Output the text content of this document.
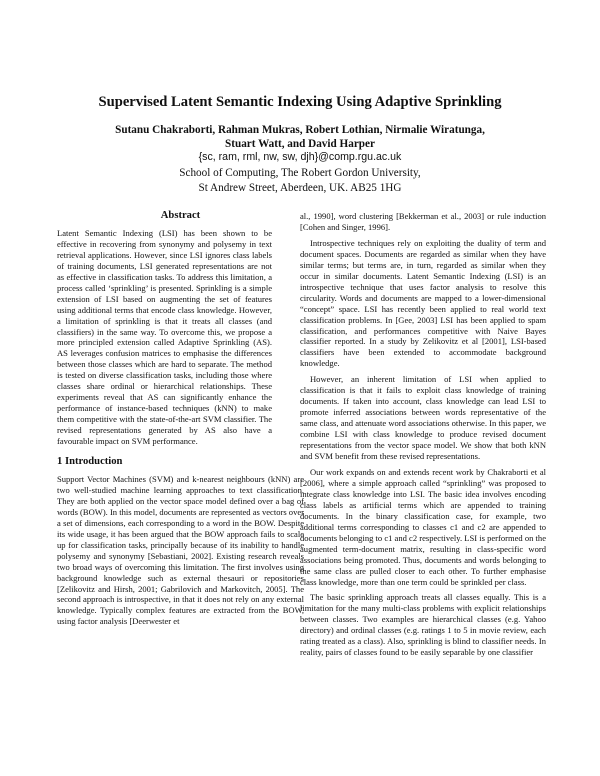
Supervised Latent Semantic Indexing Using Adaptive Sprinkling
Sutanu Chakraborti, Rahman Mukras, Robert Lothian, Nirmalie Wiratunga,
Stuart Watt, and David Harper
{sc, ram, rml, nw, sw, djh}@comp.rgu.ac.uk
School of Computing, The Robert Gordon University,
St Andrew Street, Aberdeen, UK. AB25 1HG
Abstract

Latent Semantic Indexing (LSI) has been shown to be effective in recovering from synonymy and polysemy in text retrieval applications. However, since LSI ignores class labels of training documents, LSI generated representations are not as effective in classification tasks. To address this limitation, a process called ‘sprinkling’ is presented. Sprinkling is a simple extension of LSI based on augmenting the set of features using additional terms that encode class knowledge. However, a limitation of sprinkling is that it treats all classes (and classifiers) in the same way. To overcome this, we propose a more principled extension called Adaptive Sprinkling (AS). AS leverages confusion matrices to emphasise the differences between those classes which are hard to separate. The method is tested on diverse classification tasks, including those where classes share ordinal or hierarchical relationships. These experiments reveal that AS can significantly enhance the performance of instance-based techniques (kNN) to make them competitive with the state-of-the-art SVM classifier. The revised representations generated by AS also have a favourable impact on SVM performance.

1 Introduction

Support Vector Machines (SVM) and k-nearest neighbours (kNN) are two well-studied machine learning approaches to text classification. They are both applied on the vector space model defined over a bag of words (BOW). In this model, documents are represented as vectors over a set of dimensions, each corresponding to a word in the BOW. Despite its wide usage, it has been argued that the BOW approach fails to scale up for classification tasks, principally because of its inability to handle polysemy and synonymy [Sebastiani, 2002]. Existing research reveals two broad ways of overcoming this limitation. The first involves using background knowledge such as external thesauri or repositories [Zelikovitz and Hirsh, 2001; Gabrilovich and Markovitch, 2005]. The second approach is introspective, in that it does not rely on any external knowledge. Typically complex features are extracted from the BOW, using factor analysis [Deerwester et

al., 1990], word clustering [Bekkerman et al., 2003] or rule induction [Cohen and Singer, 1996].

Introspective techniques rely on exploiting the duality of term and document spaces. Documents are regarded as similar when they have similar terms; but terms are, in turn, regarded as similar when they occur in similar documents. Latent Semantic Indexing (LSI) is an introspective technique that uses factor analysis to resolve this circularity. Words and documents are mapped to a lower-dimensional “concept” space. LSI has recently been applied to real world text classification problems. In [Gee, 2003] LSI has been applied to spam classification, and performances competitive with Naive Bayes classifier reported. In a study by Zelikovitz et al [2001], LSI-based classifiers have been extended to accommodate background knowledge.

However, an inherent limitation of LSI when applied to classification is that it fails to exploit class knowledge of training documents. If taken into account, class knowledge can lead LSI to promote inferred associations between words representative of the same class, and attenuate word associations otherwise. In this paper, we combine LSI with class knowledge to produce revised document representations from the vector space model. We show that both kNN and SVM benefit from these revised representations.

Our work expands on and extends recent work by Chakraborti et al [2006], where a simple approach called “sprinkling” was proposed to integrate class knowledge into LSI. The basic idea involves encoding class labels as artificial terms which are appended to training documents. In the binary classification case, for example, two additional terms corresponding to classes c1 and c2 are appended to documents belonging to c1 and c2 respectively. LSI is performed on the augmented term-document matrix, resulting in class-specific word associations being promoted. Thus, documents and words belonging to the same class are pulled closer to each other. To further emphasise class knowledge, more than one term could be sprinkled per class.

The basic sprinkling approach treats all classes equally. This is a limitation for the many multi-class problems with explicit relationships between classes. Two examples are hierarchical classes (e.g. Yahoo directory) and ordinal classes (e.g. ratings 1 to 5 in movie review, each rating treated as a class). Also, sprinkling is blind to classifier needs. In reality, pairs of classes found to be easily separable by one classifier
